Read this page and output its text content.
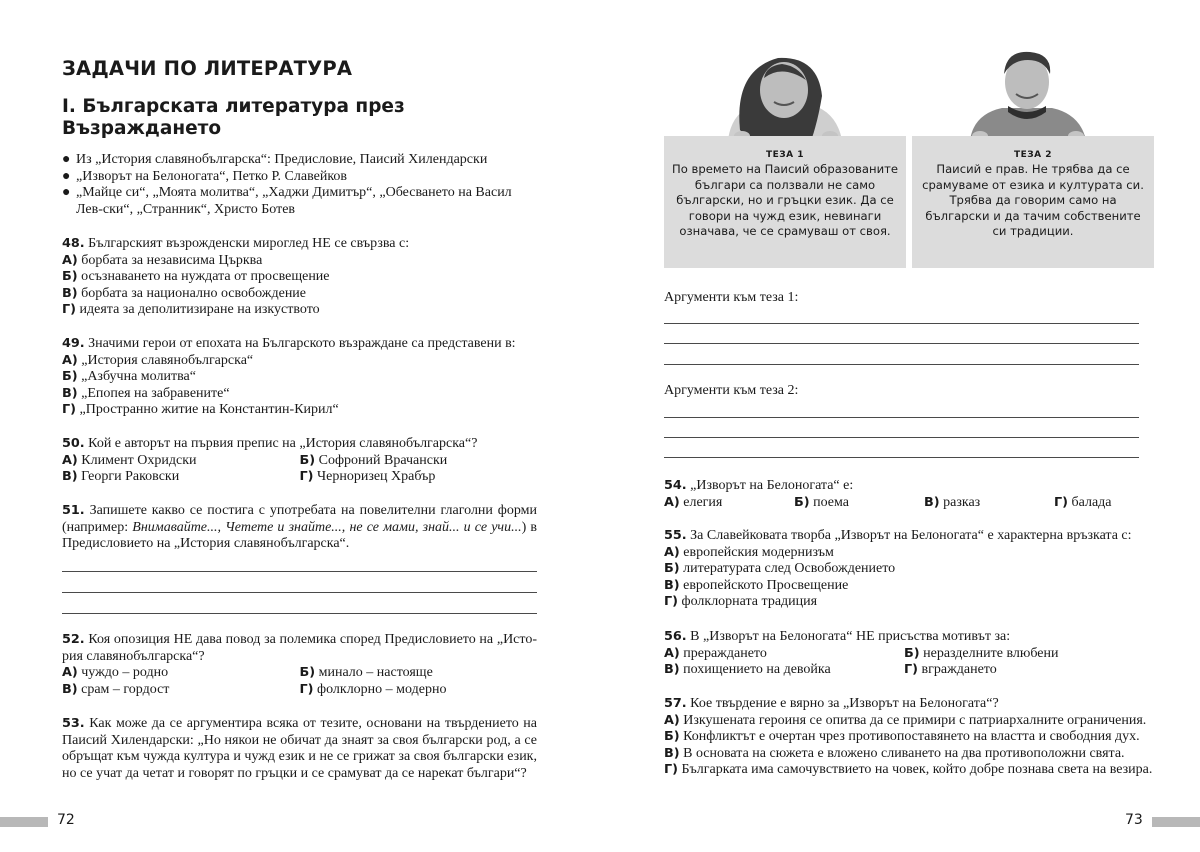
ЗАДАЧИ ПО ЛИТЕРАТУРА
I. Българската литература през Възраждането
● Из „История славянобългарска“: Предисловие, Паисий Хилендарски
● „Изворът на Белоногата“, Петко Р. Славейков
● „Майце си“, „Моята молитва“, „Хаджи Димитър“, „Обесването на Васил Лев-ски“, „Странник“, Христо Ботев
48. Българският възрожденски мироглед НЕ се свързва с:
А) борбата за независима Църква
Б) осъзнаването на нуждата от просвещение
В) борбата за национално освобождение
Г) идеята за деполитизиране на изкуството
49. Значими герои от епохата на Българското възраждане са представени в:
А) „История славянобългарска“
Б) „Азбучна молитва“
В) „Епопея на забравените“
Г) „Пространно житие на Константин-Кирил“
50. Кой е авторът на първия препис на „История славянобългарска“?
А) Климент Охридски	Б) Софроний Врачански
В) Георги Раковски	Г) Черноризец Храбър
51. Запишете какво се постига с употребата на повелителни глаголни форми (например: Внимавайте..., Четете и знайте..., не се мами, знай... и се учи...) в Предисловието на „История славянобългарска“.
52. Коя опозиция НЕ дава повод за полемика според Предисловието на „Исто-рия славянобългарска“?
А) чуждо – родно	Б) минало – настояще
В) срам – гордост	Г) фолклорно – модерно
53. Как може да се аргументира всяка от тезите, основани на твърдението на Паисий Хилендарски: „Но някои не обичат да знаят за своя български род, а се обръщат към чужда култура и чужд език и не се грижат за своя български език, но се учат да четат и говорят по гръцки и се срамуват да се нарекат българи“?
72
ТЕЗА 1
По времето на Паисий образованите българи са ползвали не само български, но и гръцки език. Да се говори на чужд език, невинаги означава, че се срамуваш от своя.
ТЕЗА 2
Паисий е прав. Не трябва да се срамуваме от езика и културата си. Трябва да говорим само на български и да тачим собствените си традиции.
Аргументи към теза 1:
Аргументи към теза 2:
54. „Изворът на Белоногата“ е:
А) елегия	Б) поема	В) разказ	Г) балада
55. За Славейковата творба „Изворът на Белоногата“ е характерна връзката с:
А) европейския модернизъм
Б) литературата след Освобождението
В) европейското Просвещение
Г) фолклорната традиция
56. В „Изворът на Белоногата“ НЕ присъства мотивът за:
А) прераждането	Б) неразделните влюбени
В) похищението на девойка	Г) вграждането
57. Кое твърдение е вярно за „Изворът на Белоногата“?
А) Изкушената героиня се опитва да се примири с патриархалните ограничения.
Б) Конфликтът е очертан чрез противопоставянето на властта и свободния дух.
В) В основата на сюжета е вложено сливането на два противоположни свята.
Г) Българката има самочувствието на човек, който добре познава света на везира.
73
